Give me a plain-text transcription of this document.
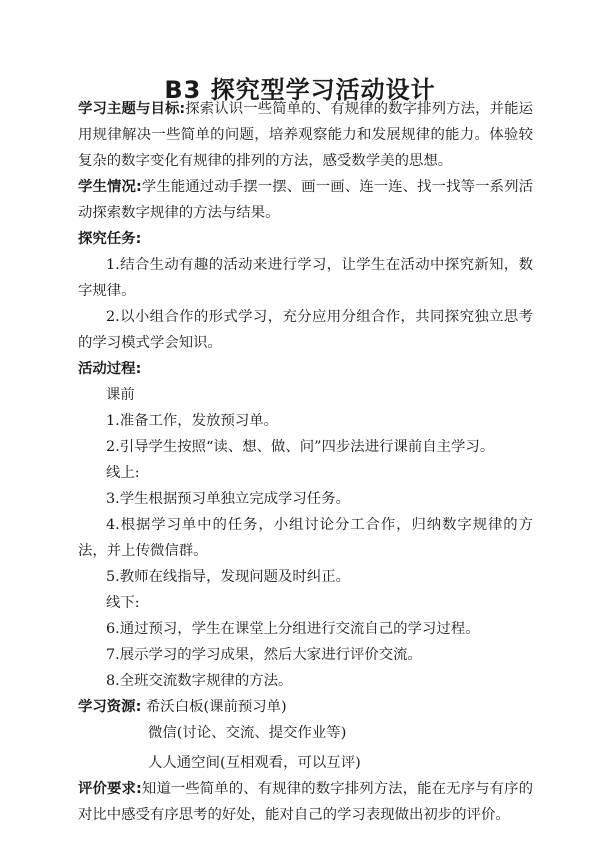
B3 探究型学习活动设计

学习主题与目标:探索认识一些简单的、有规律的数字排列方法，并能运用规律解决一些简单的问题，培养观察能力和发展规律的能力。体验较复杂的数字变化有规律的排列的方法，感受数学美的思想。

学生情况:学生能通过动手摆一摆、画一画、连一连、找一找等一系列活动探索数字规律的方法与结果。

探究任务:

1.结合生动有趣的活动来进行学习，让学生在活动中探究新知，数字规律。

2.以小组合作的形式学习，充分应用分组合作，共同探究独立思考的学习模式学会知识。

活动过程:

课前

1.准备工作，发放预习单。

2.引导学生按照“读、想、做、问”四步法进行课前自主学习。

线上:

3.学生根据预习单独立完成学习任务。

4.根据学习单中的任务，小组讨论分工合作，归纳数字规律的方法，并上传微信群。

5.教师在线指导，发现问题及时纠正。

线下:

6.通过预习，学生在课堂上分组进行交流自己的学习过程。

7.展示学习的学习成果，然后大家进行评价交流。

8.全班交流数字规律的方法。

学习资源: 希沃白板(课前预习单)

微信(讨论、交流、提交作业等)

人人通空间(互相观看，可以互评)

评价要求:知道一些简单的、有规律的数字排列方法，能在无序与有序的对比中感受有序思考的好处，能对自己的学习表现做出初步的评价。
